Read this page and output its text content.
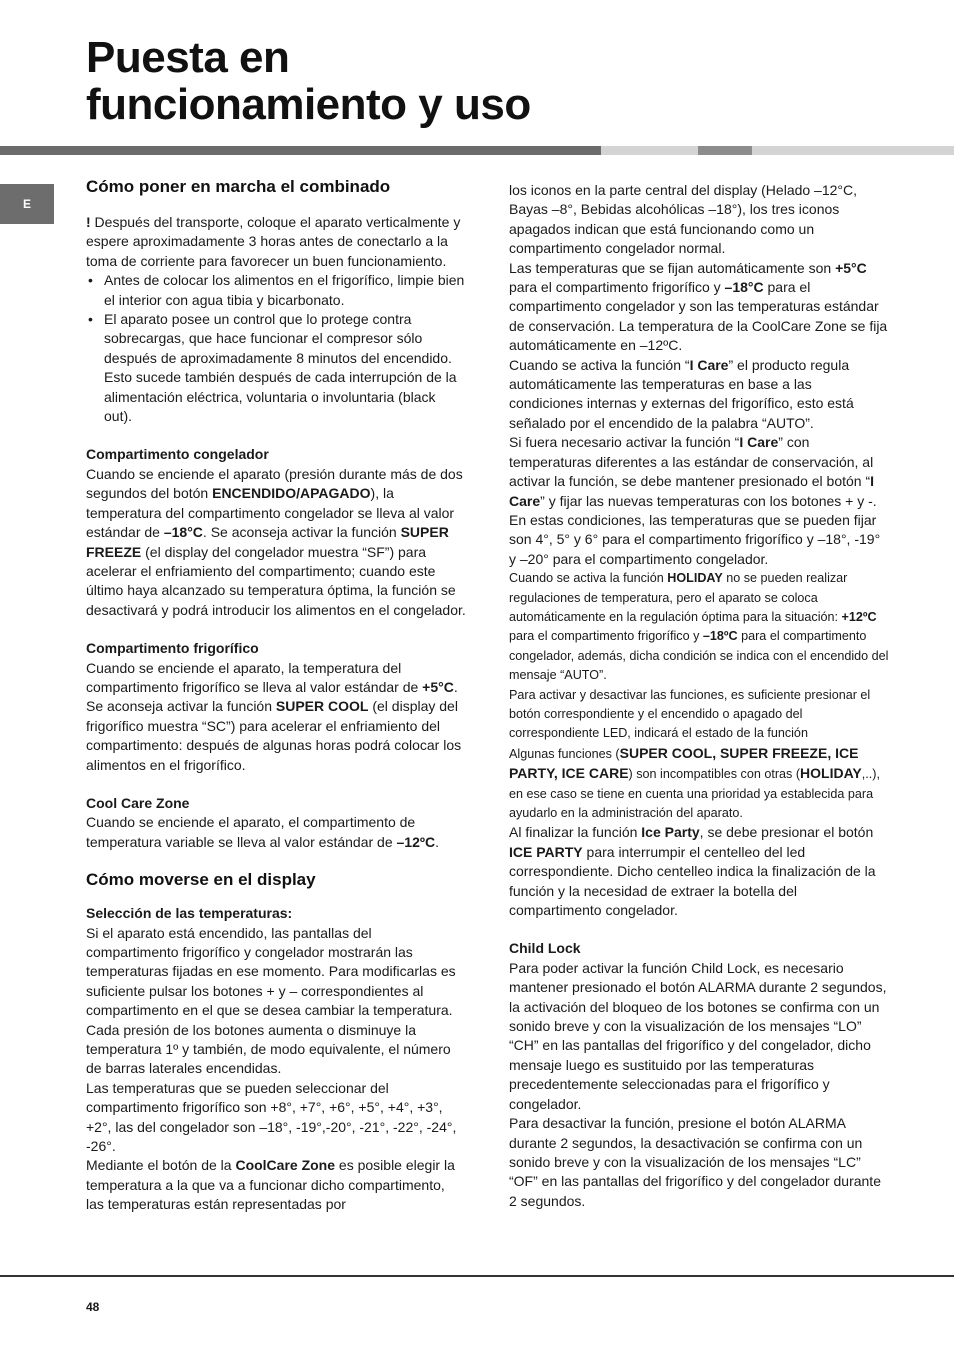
Puesta en
funcionamiento y uso
E
Cómo poner en marcha el combinado

! Después del transporte, coloque el aparato verticalmente y espere aproximadamente 3 horas antes de conectarlo a la toma de corriente para favorecer un buen funcionamiento.

• Antes de colocar los alimentos en el frigorífico, limpie bien el interior con agua tibia y bicarbonato.
• El aparato posee un control que lo protege contra sobrecargas, que hace funcionar el compresor sólo después de aproximadamente 8 minutos del encendido. Esto sucede también después de cada interrupción de la alimentación eléctrica, voluntaria o involuntaria (black out).

Compartimento congelador

Cuando se enciende el aparato (presión durante más de dos segundos del botón ENCENDIDO/APAGADO), la temperatura del compartimento congelador se lleva al valor estándar de –18°C. Se aconseja activar la función SUPER FREEZE (el display del congelador muestra “SF”) para acelerar el enfriamiento del compartimento; cuando este último haya alcanzado su temperatura óptima, la función se desactivará y podrá introducir los alimentos en el congelador.

Compartimento frigorífico

Cuando se enciende el aparato, la temperatura del compartimento frigorífico se lleva al valor estándar de +5°C. Se aconseja activar la función SUPER COOL (el display del frigorífico muestra “SC”) para acelerar el enfriamiento del compartimento: después de algunas horas podrá colocar los alimentos en el frigorífico.

Cool Care Zone

Cuando se enciende el aparato, el compartimento de temperatura variable se lleva al valor estándar de –12ºC.

Cómo moverse en el display

Selección de las temperaturas:

Si el aparato está encendido, las pantallas del compartimento frigorífico y congelador mostrarán las temperaturas fijadas en ese momento. Para modificarlas es suficiente pulsar los botones + y – correspondientes al compartimento en el que se desea cambiar la temperatura. Cada presión de los botones aumenta o disminuye la temperatura 1º y también, de modo equivalente, el número de barras laterales encendidas.

Las temperaturas que se pueden seleccionar del compartimento frigorífico son +8°, +7°, +6°, +5°, +4°, +3°, +2°, las del congelador son –18°, -19°,-20°, -21°, -22°, -24°, -26°.

Mediante el botón de la CoolCare Zone es posible elegir la temperatura a la que va a funcionar dicho compartimento, las temperaturas están representadas por

los iconos en la parte central del display (Helado –12°C, Bayas –8°, Bebidas alcohólicas –18°), los tres iconos apagados indican que está funcionando como un compartimento congelador normal.

Las temperaturas que se fijan automáticamente son +5°C para el compartimento frigorífico y –18°C para el compartimento congelador y son las temperaturas estándar de conservación. La temperatura de la CoolCare Zone se fija automáticamente en –12ºC.

Cuando se activa la función “I Care” el producto regula automáticamente las temperaturas en base a las condiciones internas y externas del frigorífico, esto está señalado por el encendido de la palabra “AUTO”.

Si fuera necesario activar la función “I Care” con temperaturas diferentes a las estándar de conservación, al activar la función, se debe mantener presionado el botón “I Care” y fijar las nuevas temperaturas con los botones + y -. En estas condiciones, las temperaturas que se pueden fijar son 4°, 5° y 6° para el compartimento frigorífico y –18°, -19° y –20° para el compartimento congelador.

Cuando se activa la función HOLIDAY no se pueden realizar regulaciones de temperatura, pero el aparato se coloca automáticamente en la regulación óptima para la situación: +12ºC para el compartimento frigorífico y –18ºC para el compartimento congelador, además, dicha condición se indica con el encendido del mensaje “AUTO”.

Para activar y desactivar las funciones, es suficiente presionar el botón correspondiente y el encendido o apagado del correspondiente LED, indicará el estado de la función

Algunas funciones (SUPER COOL, SUPER FREEZE, ICE PARTY, ICE CARE) son incompatibles con otras (HOLIDAY,..), en ese caso se tiene en cuenta una prioridad ya establecida para ayudarlo en la administración del aparato.

Al finalizar la función Ice Party, se debe presionar el botón ICE PARTY para interrumpir el centelleo del led correspondiente. Dicho centelleo indica la finalización de la función y la necesidad de extraer la botella del compartimento congelador.

Child Lock

Para poder activar la función Child Lock, es necesario mantener presionado el botón ALARMA durante 2 segundos, la activación del bloqueo de los botones se confirma con un sonido breve y con la visualización de los mensajes “LO” “CH” en las pantallas del frigorífico y del congelador, dicho mensaje luego es sustituido por las temperaturas precedentemente seleccionadas para el frigorífico y congelador.

Para desactivar la función, presione el botón ALARMA durante 2 segundos, la desactivación se confirma con un sonido breve y con la visualización de los mensajes “LC” “OF” en las pantallas del frigorífico y del congelador durante 2 segundos.

48
